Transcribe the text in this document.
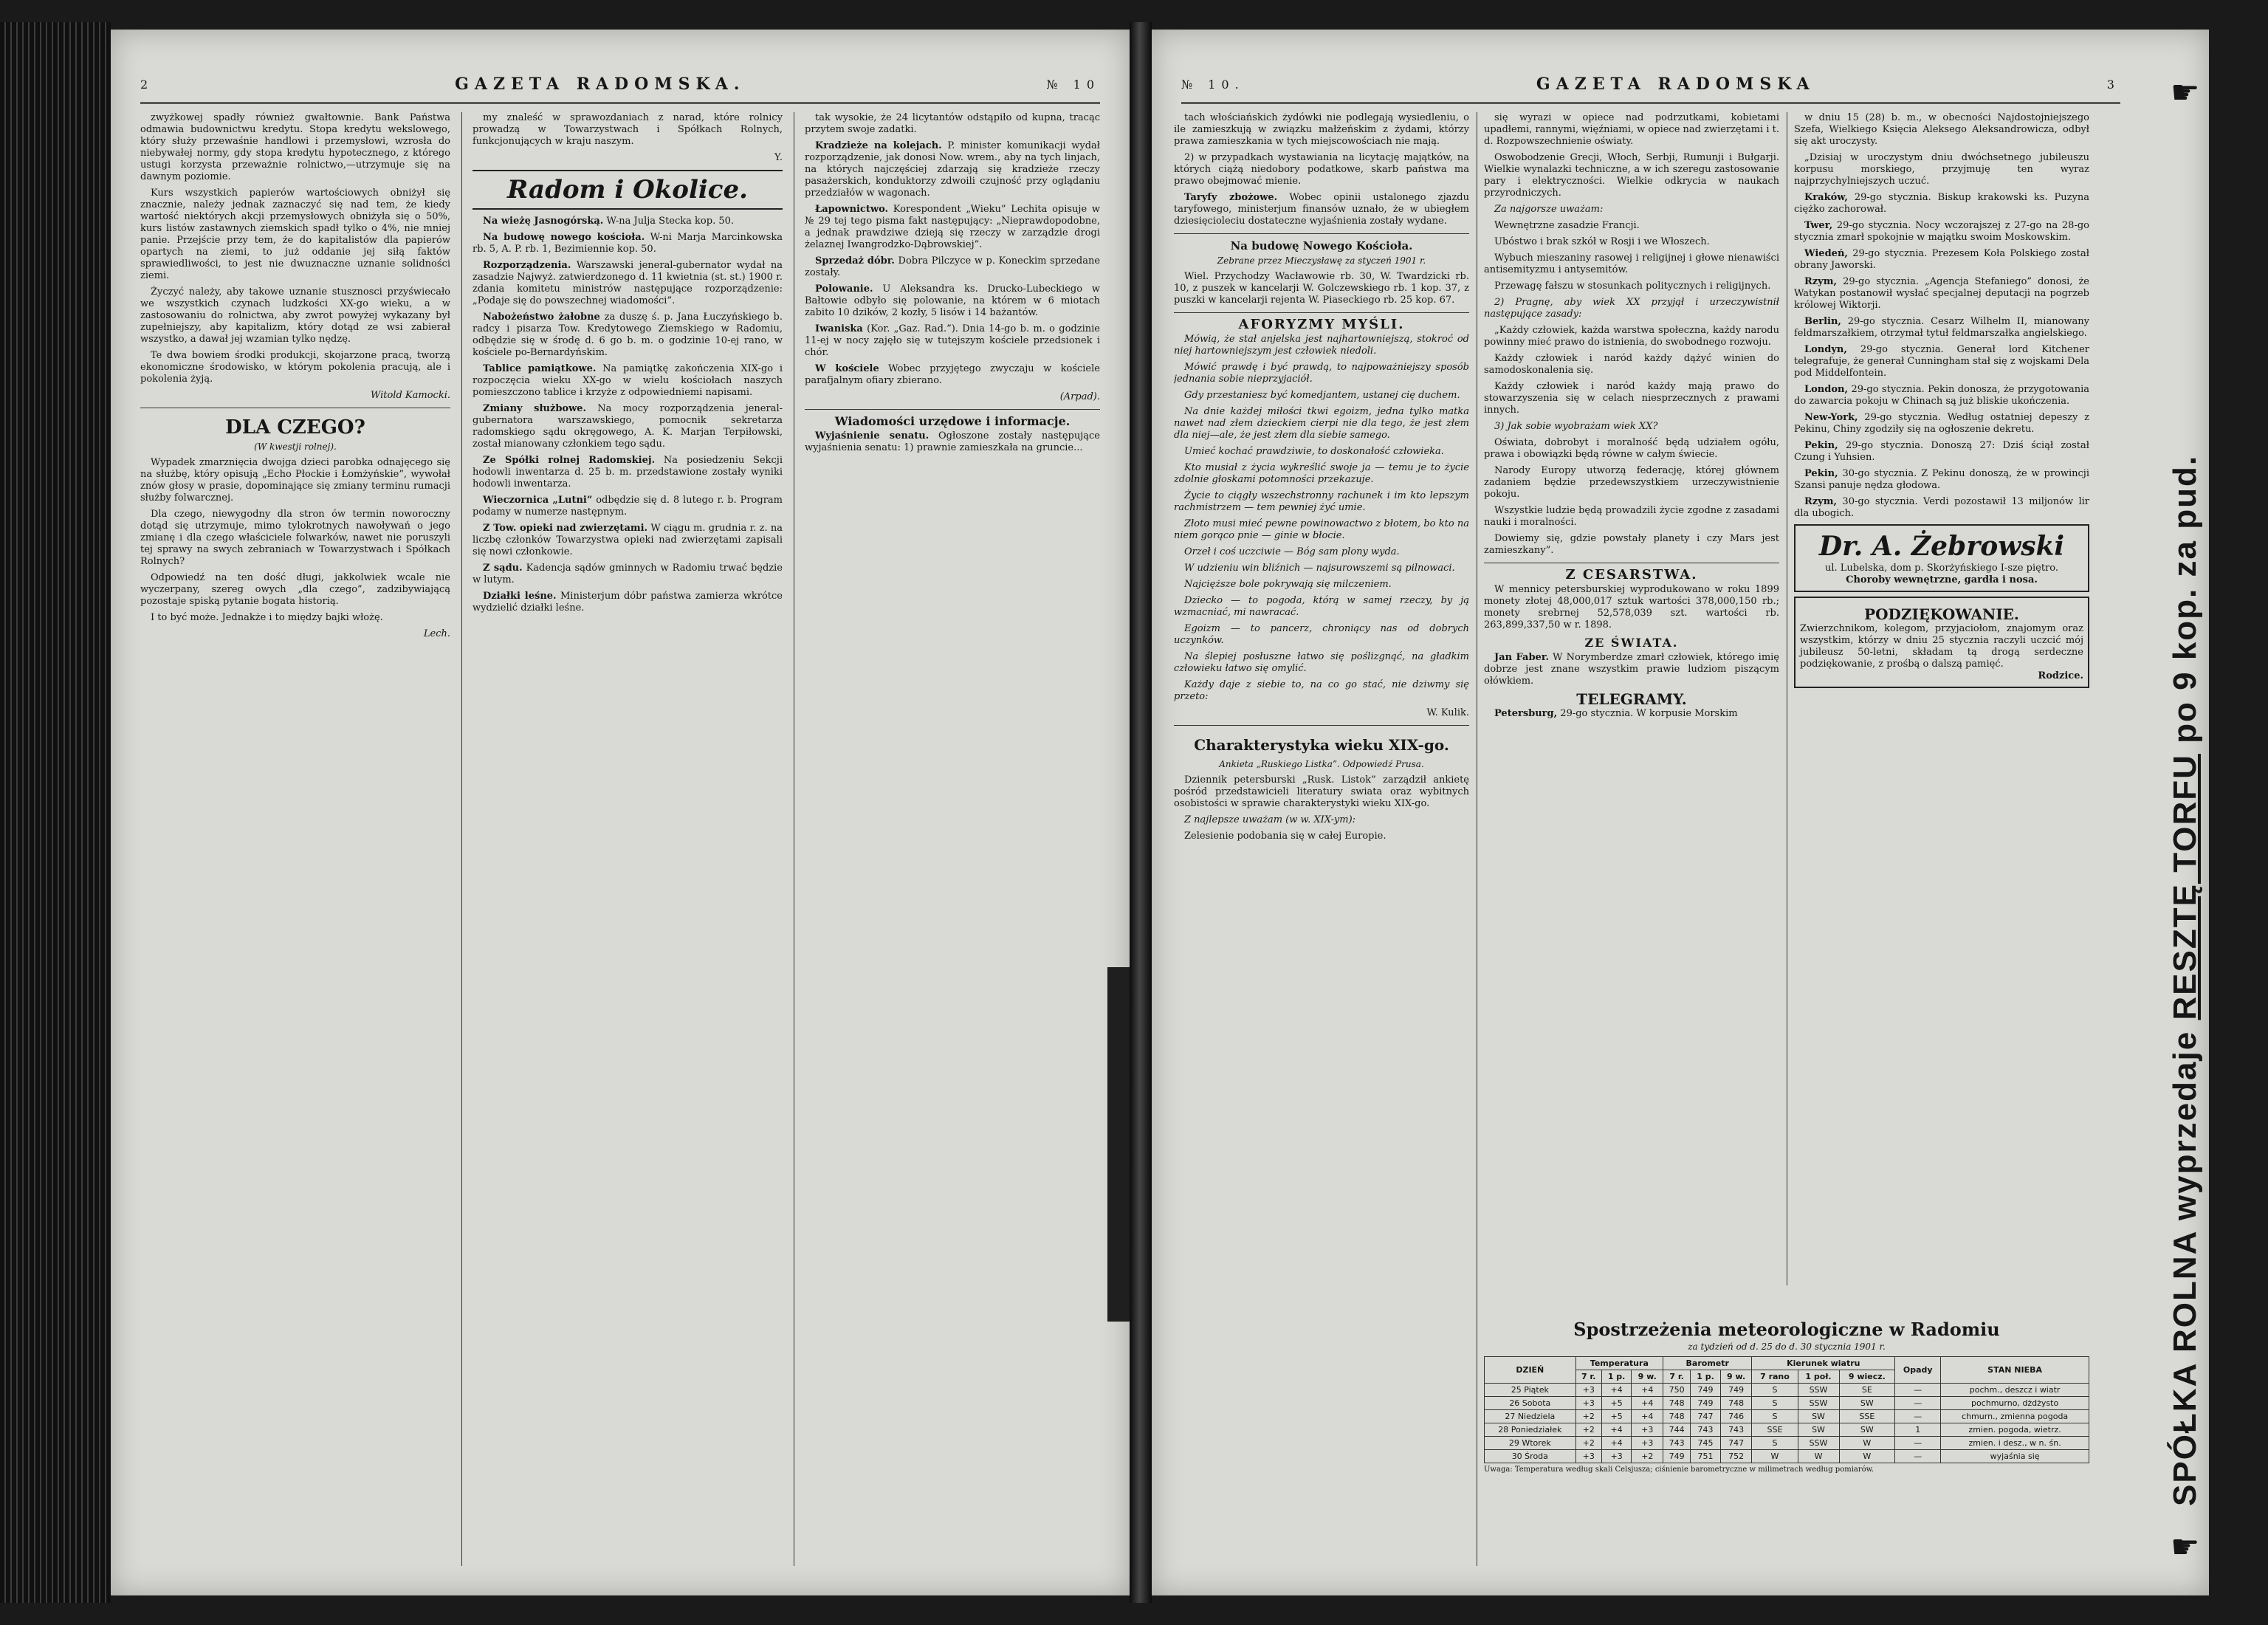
2	GAZETA RADOMSKA.	№ 10

zwyżkowej spadły również gwałtownie. Bank Państwa odmawia budownictwu kredytu. Stopa kredytu wekslowego, który służy przewaśnie handlowi i przemysłowi, wzrosła do niebywałej normy, gdy stopa kredytu hypotecznego, z którego ustugi korzysta przeważnie rolnictwo,—utrzymuje się na dawnym poziomie.

Kurs wszystkich papierów wartościowych obniżył się znacznie, należy jednak zaznaczyć się nad tem, że kiedy wartość niektórych akcji przemysłowych obniżyła się o 50%, kurs listów zastawnych ziemskich spadł tylko o 4%, nie mniej panie. Przejście przy tem, że do kapitalistów dla papierów opartych na ziemi, to już oddanie jej siłą faktów sprawiedliwości, to jest nie dwuznaczne uznanie solidności ziemi.

Życzyć należy, aby takowe uznanie stusznosci przyświecało we wszystkich czynach ludzkości XX-go wieku, a w zastosowaniu do rolnictwa, aby zwrot powyżej wykazany był zupełniejszy, aby kapitalizm, który dotąd ze wsi zabierał wszystko, a dawał jej wzamian tylko nędzę.

Te dwa bowiem środki produkcji, skojarzone pracą, tworzą ekonomiczne środowisko, w którym pokolenia pracują, ale i pokolenia żyją.

Witold Kamocki.

DLA CZEGO?
(W kwestji rolnej).

Wypadek zmarznięcia dwojga dzieci parobka odnajęcego się na służbę, który opisują „Echo Płockie i Łomżyńskie”, wywołał znów głosy w prasie, dopominające się zmiany terminu rumacji służby folwarcznej.

Dla czego, niewygodny dla stron ów termin noworoczny dotąd się utrzymuje, mimo tylokrotnych nawoływań o jego zmianę i dla czego właściciele folwarków, nawet nie poruszyli tej sprawy na swych zebraniach w Towarzystwach i Spółkach Rolnych?

Odpowiedź na ten dość długi, jakkolwiek wcale nie wyczerpany, szereg owych „dla czego”, zadzibywiającą pozostaje spiską pytanie bogata historią.

I to być może. Jednakże i to między bajki włożę.

Lech.

my znaleść w sprawozdaniach z narad, które rolnicy prowadzą w Towarzystwach i Spółkach Rolnych, funkcjonujących w kraju naszym.

Y.

Radom i Okolice.

Na wieżę Jasnogórską. W-na Julja Stecka kop. 50.

Na budowę nowego kościoła. W-ni Marja Marcinkowska rb. 5, A. P. rb. 1, Bezimiennie kop. 50.

Rozporządzenia. Warszawski jeneral-gubernator wydał na zasadzie Najwyż. zatwierdzonego d. 11 kwietnia (st. st.) 1900 r. zdania komitetu ministrów następujące rozporządzenie: „Podaje się do powszechnej wiadomości”.

Nabożeństwo żałobne za duszę ś. p. Jana Łuczyńskiego b. radcy i pisarza Tow. Kredytowego Ziemskiego w Radomiu, odbędzie się w środę d. 6 go b. m. o godzinie 10-ej rano, w kościele po-Bernardyńskim.

Tablice pamiątkowe. Na pamiątkę zakończenia XIX-go i rozpoczęcia wieku XX-go w wielu kościołach naszych pomieszczono tablice i krzyże z odpowiedniemi napisami.

Zmiany służbowe. Na mocy rozporządzenia jeneral-gubernatora warszawskiego, pomocnik sekretarza radomskiego sądu okręgowego, A. K. Marjan Terpiłowski, został mianowany członkiem tego sądu.

Ze Spółki rolnej Radomskiej. Na posiedzeniu Sekcji hodowli inwentarza d. 25 b. m. przedstawione zostały wyniki hodowli inwentarza.

Wieczornica „Lutni” odbędzie się d. 8 lutego r. b. Program podamy w numerze następnym.

Z Tow. opieki nad zwierzętami. W ciągu m. grudnia r. z. na liczbę członków Towarzystwa opieki nad zwierzętami zapisali się nowi członkowie.

Z sądu. Kadencja sądów gminnych w Radomiu trwać będzie w lutym.

Działki leśne. Ministerjum dóbr państwa zamierza wkrótce wydzielić działki leśne.

tak wysokie, że 24 licytantów odstąpiło od kupna, tracąc przytem swoje zadatki.

Kradzieże na kolejach. P. minister komunikacji wydał rozporządzenie, jak donosi Now. wrem., aby na tych linjach, na których najczęściej zdarzają się kradzieże rzeczy pasażerskich, konduktorzy zdwoili czujność przy oglądaniu przedziałów w wagonach.

Łapownictwo. Korespondent „Wieku” Lechita opisuje w № 29 tej tego pisma fakt następujący: „Nieprawdopodobne, a jednak prawdziwe dzieją się rzeczy w zarządzie drogi żelaznej Iwangrodzko-Dąbrowskiej”.

Sprzedaż dóbr. Dobra Pilczyce w p. Koneckim sprzedane zostały.

Polowanie. U Aleksandra ks. Drucko-Lubeckiego w Bałtowie odbyło się polowanie, na którem w 6 miotach zabito 10 dzików, 2 kozły, 5 lisów i 14 bażantów.

Iwaniska (Kor. „Gaz. Rad.”). Dnia 14-go b. m. o godzinie 11-ej w nocy zajęło się w tutejszym kościele przedsionek i chór.

W kościele Wobec przyjętego zwyczaju w kościele parafjalnym ofiary zbierano.

(Arpad).

Wiadomości urzędowe i informacje.

Wyjaśnienie senatu. Ogłoszone zostały następujące wyjaśnienia senatu: 1) prawnie zamieszkała na gruncie...

№ 10.	GAZETA RADOMSKA	3

tach włościańskich żydówki nie podlegają wysiedleniu, o ile zamieszkują w związku małżeńskim z żydami, którzy prawa zamieszkania w tych miejscowościach nie mają.

2) w przypadkach wystawiania na licytację majątków, na których ciążą niedobory podatkowe, skarb państwa ma prawo obejmować mienie.

Taryfy zbożowe. Wobec opinii ustalonego zjazdu taryfowego, ministerjum finansów uznało, że w ubiegłem dziesięcioleciu dostateczne wyjaśnienia zostały wydane.

Na budowę Nowego Kościoła.
Zebrane przez Mieczysławę za styczeń 1901 r.

Wiel. Przychodzy Wacławowie rb. 30, W. Twardzicki rb. 10, z puszek w kancelarji W. Golczewskiego rb. 1 kop. 37, z puszki w kancelarji rejenta W. Piaseckiego rb. 25 kop. 67.

AFORYZMY MYŚLI.

Mówią, że stał anjelska jest najhartowniejszą, stokroć od niej hartowniejszym jest człowiek niedoli.

Mówić prawdę i być prawdą, to najpoważniejszy sposób jednania sobie nieprzyjaciół.

Gdy przestaniesz być komedjantem, ustanej cię duchem.

Na dnie każdej miłości tkwi egoizm, jedna tylko matka nawet nad złem dzieckiem cierpi nie dla tego, że jest złem dla niej—ale, że jest złem dla siebie samego.

Umieć kochać prawdziwie, to doskonałość człowieka.

Kto musiał z życia wykreślić swoje ja — temu je to życie zdolnie głoskami potomności przekazuje.

Życie to ciągły wszechstronny rachunek i im kto lepszym rachmistrzem — tem pewniej żyć umie.

Złoto musi mieć pewne powinowactwo z błotem, bo kto na niem gorąco pnie — ginie w błocie.

Orzeł i coś uczciwie — Bóg sam plony wyda.

W udzieniu win bliźnich — najsurowszemi są pilnowaci.

Najcięższe bole pokrywają się milczeniem.

Dziecko — to pogoda, którą w samej rzeczy, by ją wzmacniać, mi nawracać.

Egoizm — to pancerz, chroniący nas od dobrych uczynków.

Na ślepiej posłuszne łatwo się poślizgnąć, na gładkim człowieku łatwo się omylić.

Każdy daje z siebie to, na co go stać, nie dziwmy się przeto:

W. Kulik.

Charakterystyka wieku XIX-go.
Ankieta „Ruskiego Listka”. Odpowiedź Prusa.

Dziennik petersburski „Rusk. Listok” zarządził ankietę pośród przedstawicieli literatury swiata oraz wybitnych osobistości w sprawie charakterystyki wieku XIX-go.

Z najlepsze uważam (w w. XIX-ym):

Zelesienie podobania się w całej Europie.

się wyrazi w opiece nad podrzutkami, kobietami upadłemi, rannymi, więźniami, w opiece nad zwierzętami i t. d. Rozpowszechnienie oświaty.

Oswobodzenie Grecji, Włoch, Serbji, Rumunji i Bułgarji. Wielkie wynalazki techniczne, a w ich szeregu zastosowanie pary i elektryczności. Wielkie odkrycia w naukach przyrodniczych.

Za najgorsze uważam:

Wewnętrzne zasadzie Francji.

Ubóstwo i brak szkół w Rosji i we Włoszech.

Wybuch mieszaniny rasowej i religijnej i głowe nienawiści antisemityzmu i antysemitów.

Przewagę fałszu w stosunkach politycznych i religijnych.

2) Pragnę, aby wiek XX przyjął i urzeczywistnił następujące zasady:

„Każdy człowiek, każda warstwa społeczna, każdy narodu powinny mieć prawo do istnienia, do swobodnego rozwoju.

Każdy człowiek i naród każdy dążyć winien do samodoskonalenia się.

Każdy człowiek i naród każdy mają prawo do stowarzyszenia się w celach niesprzecznych z prawami innych.

3) Jak sobie wyobrażam wiek XX?

Oświata, dobrobyt i moralność będą udziałem ogółu, prawa i obowiązki będą równe w całym świecie.

Narody Europy utworzą federację, której głównem zadaniem będzie przedewszystkiem urzeczywistnienie pokoju.

Wszystkie ludzie będą prowadzili życie zgodne z zasadami nauki i moralności.

Dowiemy się, gdzie powstały planety i czy Mars jest zamieszkany”.

Z CESARSTWA.

W mennicy petersburskiej wyprodukowano w roku 1899 monety złotej 48,000,017 sztuk wartości 378,000,150 rb.; monety srebrnej 52,578,039 szt. wartości rb. 263,899,337,50 w r. 1898.

ZE ŚWIATA.

Jan Faber. W Norymberdze zmarł człowiek, którego imię dobrze jest znane wszystkim prawie ludziom piszącym ołówkiem.

TELEGRAMY.

Petersburg, 29-go stycznia. W korpusie Morskim

w dniu 15 (28) b. m., w obecności Najdostojniejszego Szefa, Wielkiego Księcia Aleksego Aleksandrowicza, odbył się akt uroczysty.

„Dzisiaj w uroczystym dniu dwóchsetnego jubileuszu korpusu morskiego, przyjmuję ten wyraz najprzychylniejszych uczuć.

Kraków, 29-go stycznia. Biskup krakowski ks. Puzyna ciężko zachorował.

Twer, 29-go stycznia. Nocy wczorajszej z 27-go na 28-go stycznia zmarł spokojnie w majątku swoim Moskowskim.

Wiedeń, 29-go stycznia. Prezesem Koła Polskiego został obrany Jaworski.

Rzym, 29-go stycznia. „Agencja Stefaniego” donosi, że Watykan postanowił wysłać specjalnej deputacji na pogrzeb królowej Wiktorji.

Berlin, 29-go stycznia. Cesarz Wilhelm II, mianowany feldmarszałkiem, otrzymał tytuł feldmarszałka angielskiego.

Londyn, 29-go stycznia. Generał lord Kitchener telegrafuje, że generał Cunningham stał się z wojskami Dela pod Middelfontein.

London, 29-go stycznia. Pekin donosza, że przygotowania do zawarcia pokoju w Chinach są już bliskie ukończenia.

New-York, 29-go stycznia. Według ostatniej depeszy z Pekinu, Chiny zgodziły się na ogłoszenie dekretu.

Pekin, 29-go stycznia. Donoszą 27: Dziś ściął został Czung i Yuhsien.

Pekin, 30-go stycznia. Z Pekinu donoszą, że w prowincji Szansi panuje nędza głodowa.

Rzym, 30-go stycznia. Verdi pozostawił 13 miljonów lir dla ubogich.

Dr. A. Żebrowski
ul. Lubelska, dom p. Skorżyńskiego I-sze piętro.
Choroby wewnętrzne, gardła i nosa.
PODZIĘKOWANIE.
Zwierzchnikom, kolegom, przyjaciołom, znajomym oraz wszystkim, którzy w dniu 25 stycznia raczyli uczcić mój jubileusz 50-letni, składam tą drogą serdeczne podziękowanie, z prośbą o dalszą pamięć.
Rodzice.
Spostrzeżenia meteorologiczne w Radomiu
za tydzień od d. 25 do d. 30 stycznia 1901 r.
DZIEŃ	Temperatura			Barometr			Kierunek wiatru			Opady	STAN NIEBA
	7 r.	1 p.	9 w.	7 r.	1 p.	9 w.	7 rano	1 poł.	9 wiecz.		
25 Piątek	+3	+4	+4	750	749	749	S	SSW	SE	—	pochm., deszcz i wiatr
26 Sobota	+3	+5	+4	748	749	748	S	SSW	SW	—	pochmurno, dżdżysto
27 Niedziela	+2	+5	+4	748	747	746	S	SW	SSE	—	chmurn., zmienna pogoda
28 Poniedziałek	+2	+4	+3	744	743	743	SSE	SW	SW	1	zmien. pogoda, wietrz.
29 Wtorek	+2	+4	+3	743	745	747	S	SSW	W	—	zmien. i desz., w n. śn.
30 Środa	+3	+3	+2	749	751	752	W	W	W	—	wyjaśnia się
Uwaga: Temperatura według skali Celsjusza; ciśnienie barometryczne w milimetrach według pomiarów.
☛
SPÓŁKA ROLNA wyprzedaje RESZTĘ TORFU po 9 kop. za pud.
☛
